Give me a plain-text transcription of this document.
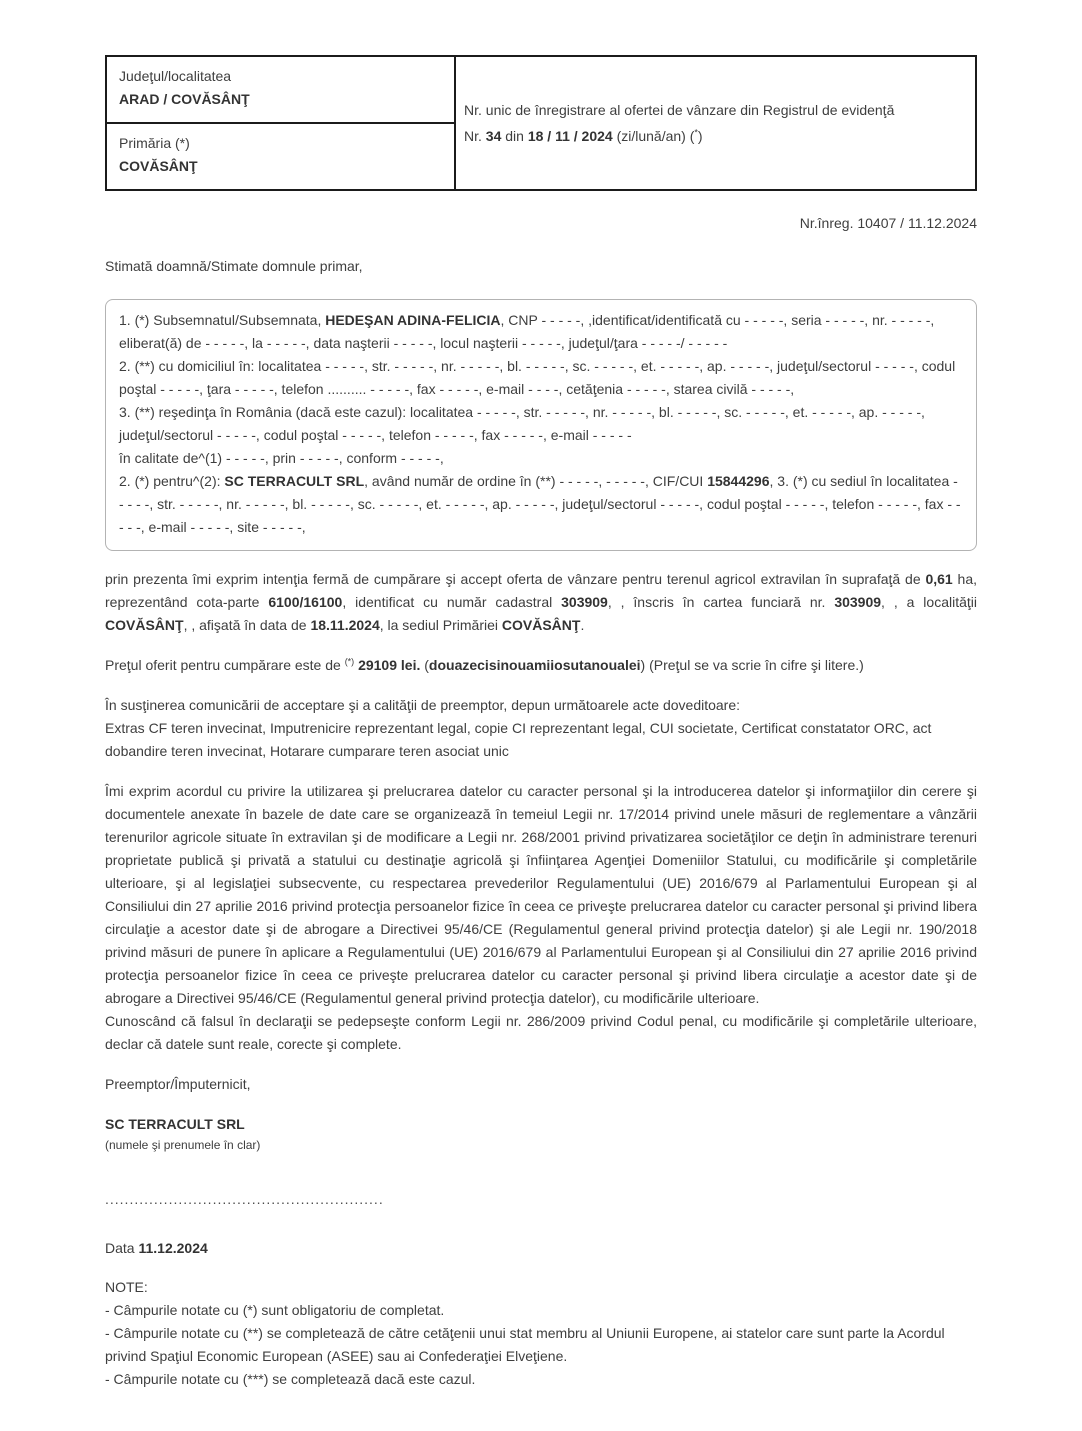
Judeţul/localitatea
ARAD / COVĂSÂNŢ
Primăria (*)
COVĂSÂNŢ
Nr. unic de înregistrare al ofertei de vânzare din Registrul de evidenţă
Nr. 34 din 18 / 11 / 2024 (zi/lună/an) (*)
Nr.înreg. 10407 / 11.12.2024
Stimată doamnă/Stimate domnule primar,
1. (*) Subsemnatul/Subsemnata, HEDEŞAN ADINA-FELICIA, CNP - - - - -, ,identificat/identificată cu - - - - -, seria - - - - -, nr. - - - - -, eliberat(ă) de - - - - -, la - - - - -, data naşterii - - - - -, locul naşterii - - - - -, judeţul/ţara - - - - -/ - - - - -
2. (**) cu domiciliul în: localitatea - - - - -, str. - - - - -, nr. - - - - -, bl. - - - - -, sc. - - - - -, et. - - - - -, ap. - - - - -, judeţul/sectorul - - - - -, codul poştal - - - - -, ţara - - - - -, telefon .......... - - - - -, fax - - - - -, e-mail - - - -, cetăţenia - - - - -, starea civilă - - - - -,
3. (**) reşedinţa în România (dacă este cazul): localitatea - - - - -, str. - - - - -, nr. - - - - -, bl. - - - - -, sc. - - - - -, et. - - - - -, ap. - - - - -, judeţul/sectorul - - - - -, codul poştal - - - - -, telefon - - - - -, fax - - - - -, e-mail - - - - -
în calitate de^(1) - - - - -, prin - - - - -, conform - - - - -,
2. (*) pentru^(2): SC TERRACULT SRL, având număr de ordine în (**) - - - - -, - - - - -, CIF/CUI 15844296, 3. (*) cu sediul în localitatea - - - - -, str. - - - - -, nr. - - - - -, bl. - - - - -, sc. - - - - -, et. - - - - -, ap. - - - - -, judeţul/sectorul - - - - -, codul poştal - - - - -, telefon - - - - -, fax - - - - -, e-mail - - - - -, site - - - - -,
prin prezenta îmi exprim intenţia fermă de cumpărare şi accept oferta de vânzare pentru terenul agricol extravilan în suprafaţă de 0,61 ha, reprezentând cota-parte 6100/16100, identificat cu număr cadastral 303909, , înscris în cartea funciară nr. 303909, , a localităţii COVĂSÂNŢ, , afişată în data de 18.11.2024, la sediul Primăriei COVĂSÂNŢ.
Preţul oferit pentru cumpărare este de (*) 29109 lei. (douazecisinouamiiosutanoualei) (Preţul se va scrie în cifre şi litere.)
În susţinerea comunicării de acceptare şi a calităţii de preemptor, depun următoarele acte doveditoare:
Extras CF teren invecinat, Imputrenicire reprezentant legal, copie CI reprezentant legal, CUI societate, Certificat constatator ORC, act dobandire teren invecinat, Hotarare cumparare teren asociat unic
Îmi exprim acordul cu privire la utilizarea şi prelucrarea datelor cu caracter personal şi la introducerea datelor şi informaţiilor din cerere şi documentele anexate în bazele de date care se organizează în temeiul Legii nr. 17/2014 privind unele măsuri de reglementare a vânzării terenurilor agricole situate în extravilan şi de modificare a Legii nr. 268/2001 privind privatizarea societăţilor ce deţin în administrare terenuri proprietate publică şi privată a statului cu destinaţie agricolă şi înfiinţarea Agenţiei Domeniilor Statului, cu modificările şi completările ulterioare, şi al legislaţiei subsecvente, cu respectarea prevederilor Regulamentului (UE) 2016/679 al Parlamentului European şi al Consiliului din 27 aprilie 2016 privind protecţia persoanelor fizice în ceea ce priveşte prelucrarea datelor cu caracter personal şi privind libera circulaţie a acestor date şi de abrogare a Directivei 95/46/CE (Regulamentul general privind protecţia datelor) şi ale Legii nr. 190/2018 privind măsuri de punere în aplicare a Regulamentului (UE) 2016/679 al Parlamentului European şi al Consiliului din 27 aprilie 2016 privind protecţia persoanelor fizice în ceea ce priveşte prelucrarea datelor cu caracter personal şi privind libera circulaţie a acestor date şi de abrogare a Directivei 95/46/CE (Regulamentul general privind protecţia datelor), cu modificările ulterioare.
Cunoscând că falsul în declaraţii se pedepseşte conform Legii nr. 286/2009 privind Codul penal, cu modificările şi completările ulterioare, declar că datele sunt reale, corecte şi complete.
Preemptor/Împuternicit,
SC TERRACULT SRL
(numele şi prenumele în clar)
.........................................................
Data 11.12.2024
NOTE:
- Câmpurile notate cu (*) sunt obligatoriu de completat.
- Câmpurile notate cu (**) se completează de către cetăţenii unui stat membru al Uniunii Europene, ai statelor care sunt parte la Acordul privind Spaţiul Economic European (ASEE) sau ai Confederaţiei Elveţiene.
- Câmpurile notate cu (***) se completează dacă este cazul.
